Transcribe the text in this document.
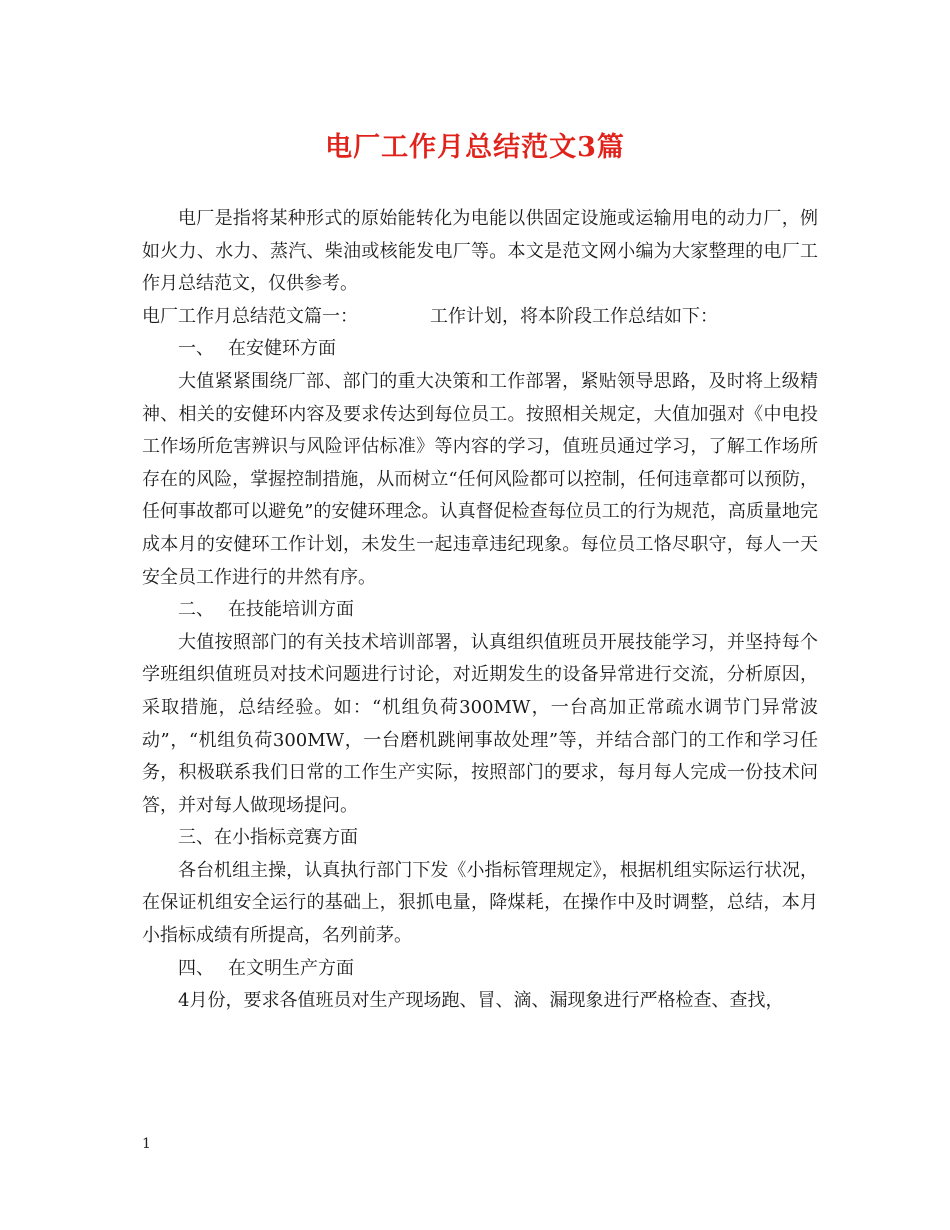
电厂工作月总结范文3篇

电厂是指将某种形式的原始能转化为电能以供固定设施或运输用电的动力厂，例如火力、水力、蒸汽、柴油或核能发电厂等。本文是范文网小编为大家整理的电厂工作月总结范文，仅供参考。

电厂工作月总结范文篇一：	工作计划，将本阶段工作总结如下：

一、 在安健环方面

大值紧紧围绕厂部、部门的重大决策和工作部署，紧贴领导思路，及时将上级精神、相关的安健环内容及要求传达到每位员工。按照相关规定，大值加强对《中电投工作场所危害辨识与风险评估标准》等内容的学习，值班员通过学习，了解工作场所存在的风险，掌握控制措施，从而树立“任何风险都可以控制，任何违章都可以预防，任何事故都可以避免”的安健环理念。认真督促检查每位员工的行为规范，高质量地完成本月的安健环工作计划，未发生一起违章违纪现象。每位员工恪尽职守，每人一天安全员工作进行的井然有序。

二、 在技能培训方面

大值按照部门的有关技术培训部署，认真组织值班员开展技能学习，并坚持每个学班组织值班员对技术问题进行讨论，对近期发生的设备异常进行交流，分析原因，采取措施，总结经验。如：“机组负荷300MW，一台高加正常疏水调节门异常波动”，“机组负荷300MW，一台磨机跳闸事故处理”等，并结合部门的工作和学习任务，积极联系我们日常的工作生产实际，按照部门的要求，每月每人完成一份技术问答，并对每人做现场提问。

三、在小指标竞赛方面

各台机组主操，认真执行部门下发《小指标管理规定》，根据机组实际运行状况，在保证机组安全运行的基础上，狠抓电量，降煤耗，在操作中及时调整，总结，本月小指标成绩有所提高，名列前茅。

四、 在文明生产方面

4月份，要求各值班员对生产现场跑、冒、滴、漏现象进行严格检查、查找，

1
